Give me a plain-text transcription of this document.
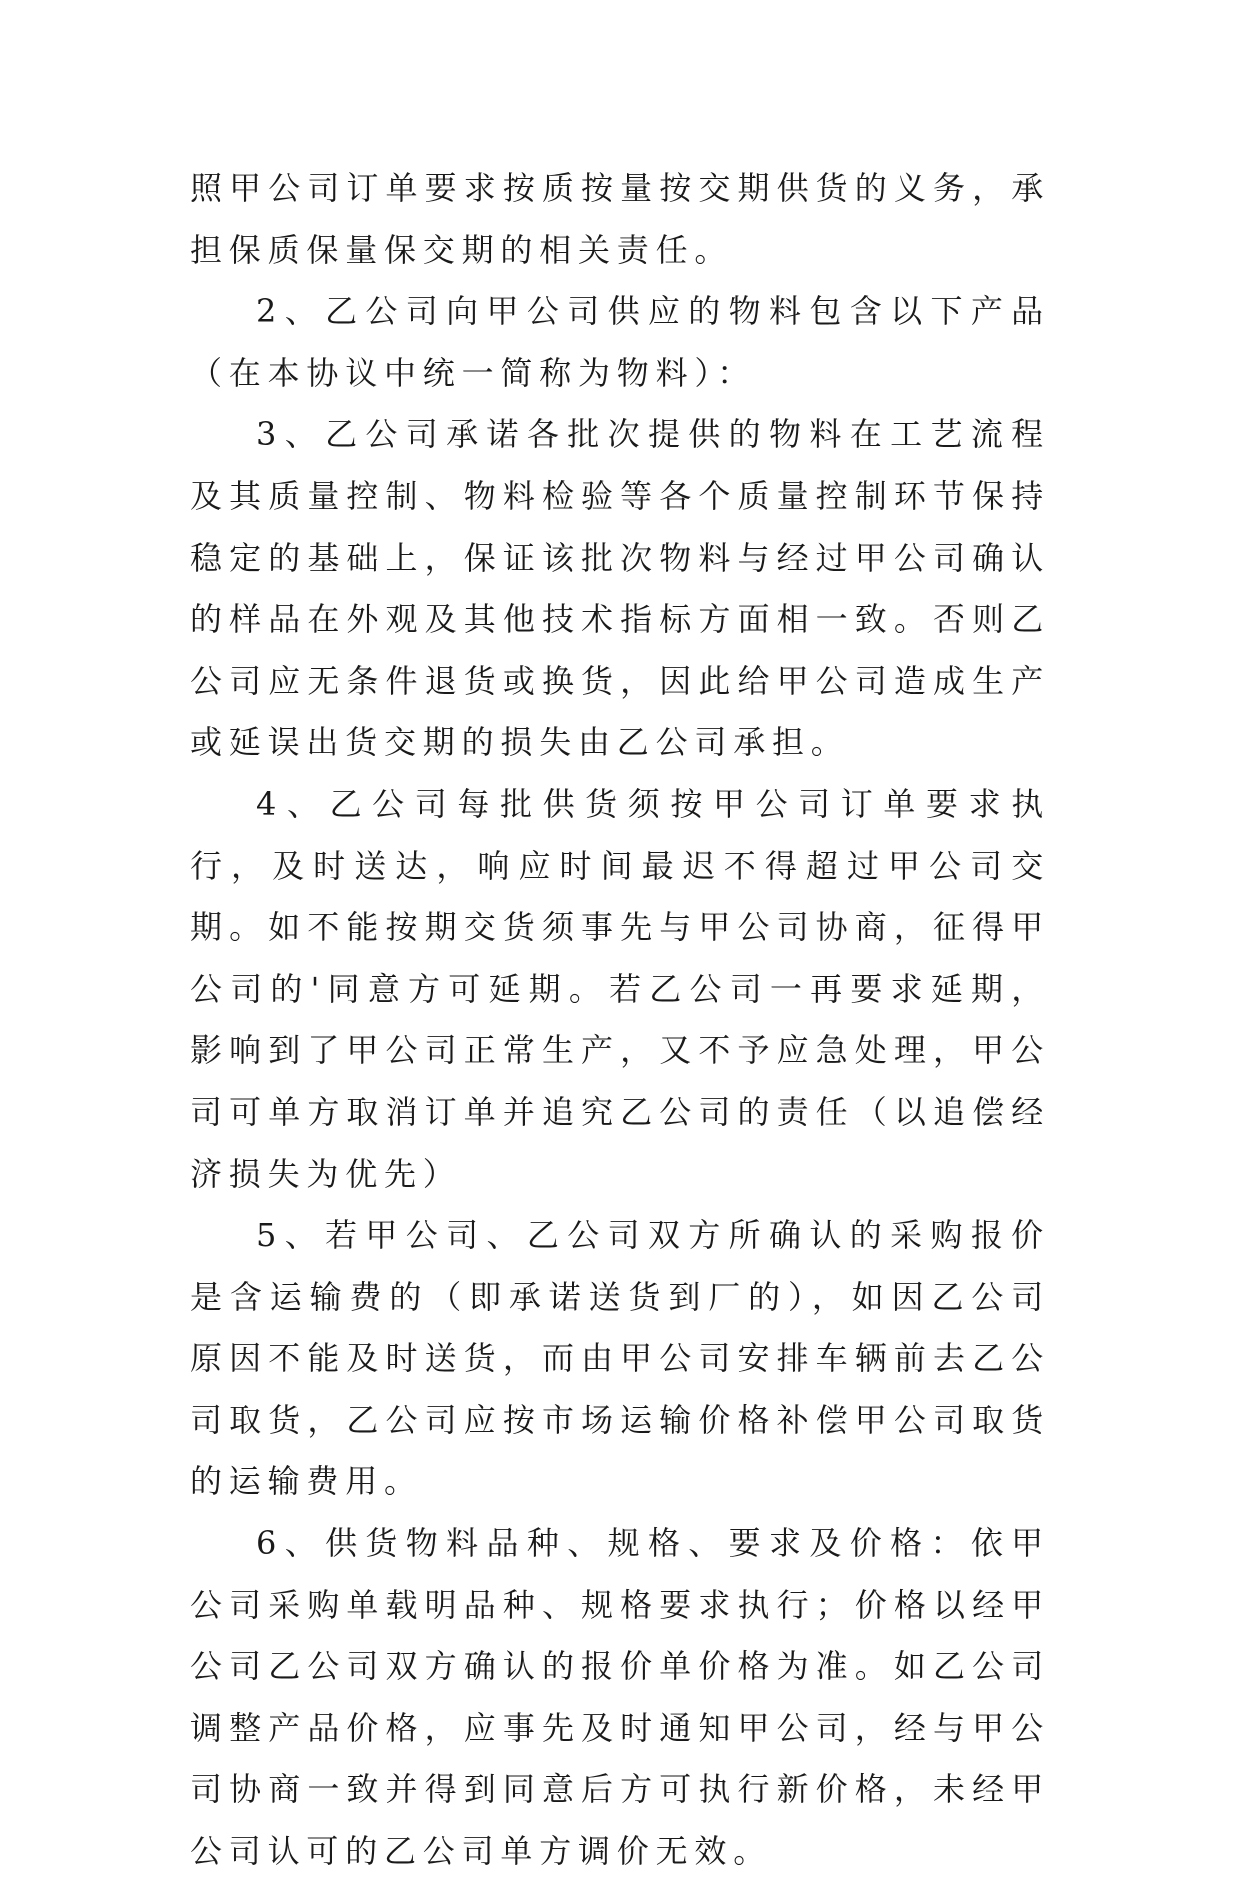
照甲公司订单要求按质按量按交期供货的义务，承担保质保量保交期的相关责任。

2、乙公司向甲公司供应的物料包含以下产品（在本协议中统一简称为物料）：

3、乙公司承诺各批次提供的物料在工艺流程及其质量控制、物料检验等各个质量控制环节保持稳定的基础上，保证该批次物料与经过甲公司确认的样品在外观及其他技术指标方面相一致。否则乙公司应无条件退货或换货，因此给甲公司造成生产或延误出货交期的损失由乙公司承担。

4、乙公司每批供货须按甲公司订单要求执行，及时送达，响应时间最迟不得超过甲公司交期。如不能按期交货须事先与甲公司协商，征得甲公司的'同意方可延期。若乙公司一再要求延期，影响到了甲公司正常生产，又不予应急处理，甲公司可单方取消订单并追究乙公司的责任（以追偿经济损失为优先）

5、若甲公司、乙公司双方所确认的采购报价是含运输费的（即承诺送货到厂的），如因乙公司原因不能及时送货，而由甲公司安排车辆前去乙公司取货，乙公司应按市场运输价格补偿甲公司取货的运输费用。

6、供货物料品种、规格、要求及价格：依甲公司采购单载明品种、规格要求执行；价格以经甲公司乙公司双方确认的报价单价格为准。如乙公司调整产品价格，应事先及时通知甲公司，经与甲公司协商一致并得到同意后方可执行新价格，未经甲公司认可的乙公司单方调价无效。
